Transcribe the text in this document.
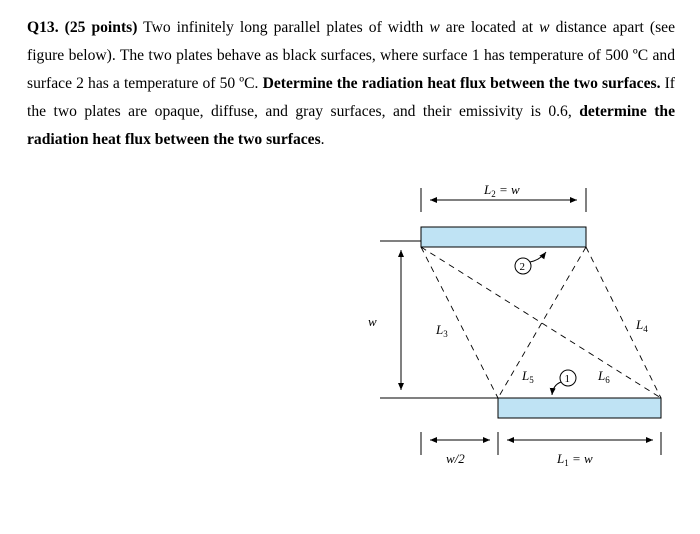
Q13. (25 points) Two infinitely long parallel plates of width w are located at w distance apart (see figure below). The two plates behave as black surfaces, where surface 1 has temperature of 500 ºC and surface 2 has a temperature of 50 ºC. Determine the radiation heat flux between the two surfaces. If the two plates are opaque, diffuse, and gray surfaces, and their emissivity is 0.6, determine the radiation heat flux between the two surfaces.
$L_2 = w$
w
$L_3$
$L_4$
$L_5$	$L_6$
2
1
w/2	$L_1 = w$
